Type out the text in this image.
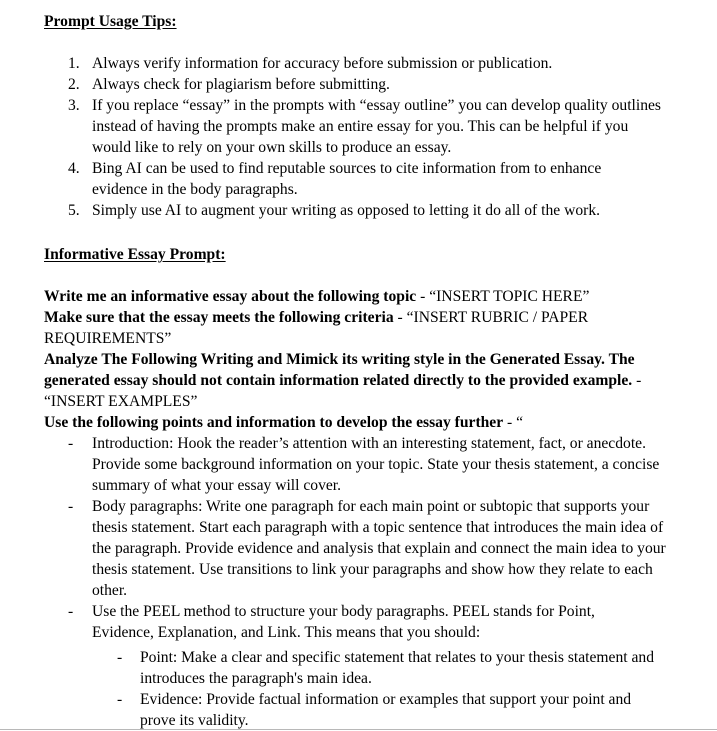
Prompt Usage Tips:
1. Always verify information for accuracy before submission or publication.
2. Always check for plagiarism before submitting.
3. If you replace “essay” in the prompts with “essay outline” you can develop quality outlines instead of having the prompts make an entire essay for you. This can be helpful if you would like to rely on your own skills to produce an essay.
4. Bing AI can be used to find reputable sources to cite information from to enhance evidence in the body paragraphs.
5. Simply use AI to augment your writing as opposed to letting it do all of the work.
Informative Essay Prompt:

Write me an informative essay about the following topic - “INSERT TOPIC HERE”

Make sure that the essay meets the following criteria - “INSERT RUBRIC / PAPER REQUIREMENTS”

Analyze The Following Writing and Mimick its writing style in the Generated Essay. The generated essay should not contain information related directly to the provided example. - “INSERT EXAMPLES”

Use the following points and information to develop the essay further - “

- Introduction: Hook the reader’s attention with an interesting statement, fact, or anecdote. Provide some background information on your topic. State your thesis statement, a concise summary of what your essay will cover.
- Body paragraphs: Write one paragraph for each main point or subtopic that supports your thesis statement. Start each paragraph with a topic sentence that introduces the main idea of the paragraph. Provide evidence and analysis that explain and connect the main idea to your thesis statement. Use transitions to link your paragraphs and show how they relate to each other.
- Use the PEEL method to structure your body paragraphs. PEEL stands for Point, Evidence, Explanation, and Link. This means that you should:
- Point: Make a clear and specific statement that relates to your thesis statement and introduces the paragraph's main idea.
- Evidence: Provide factual information or examples that support your point and prove its validity.
